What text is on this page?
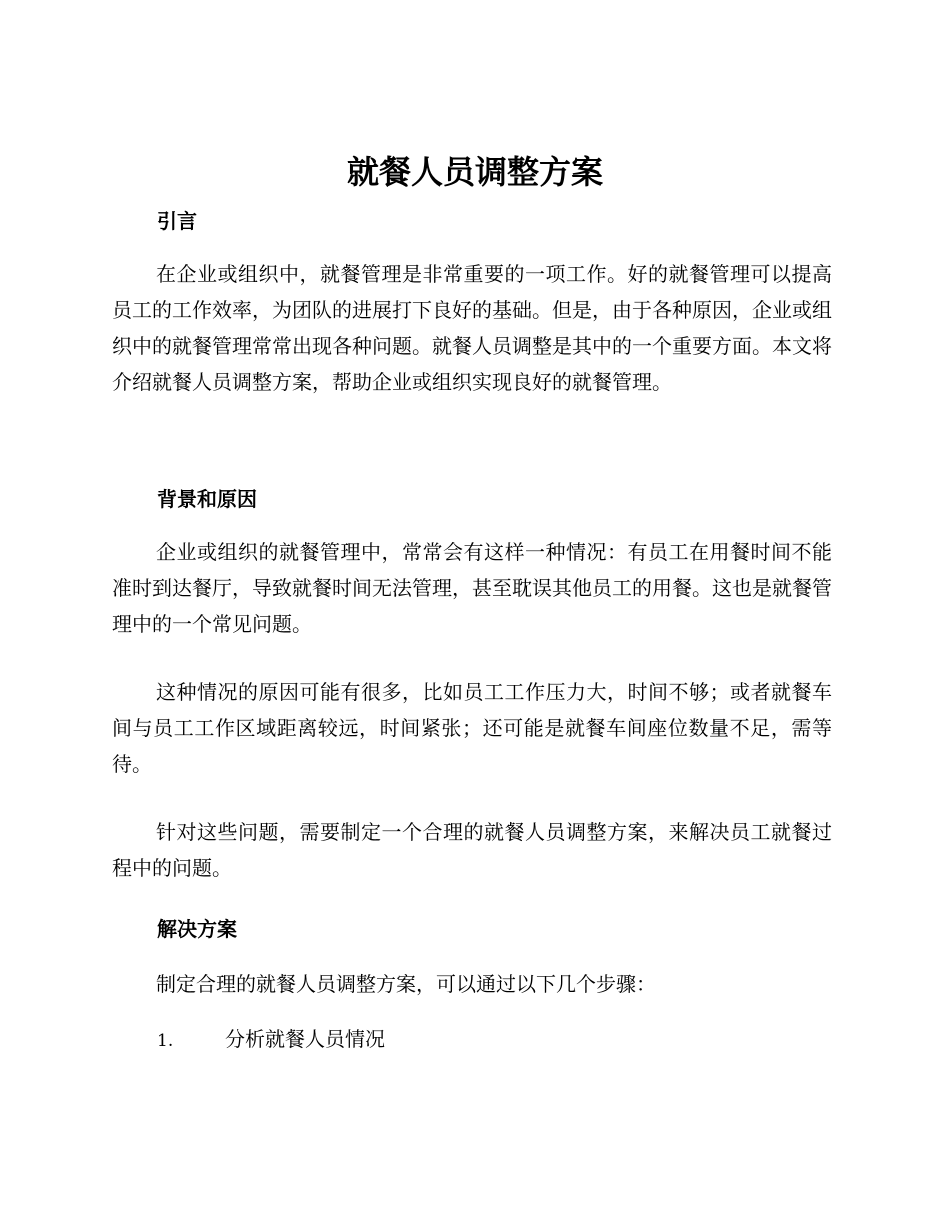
就餐人员调整方案
引言

在企业或组织中，就餐管理是非常重要的一项工作。好的就餐管理可以提高员工的工作效率，为团队的进展打下良好的基础。但是，由于各种原因，企业或组织中的就餐管理常常出现各种问题。就餐人员调整是其中的一个重要方面。本文将介绍就餐人员调整方案，帮助企业或组织实现良好的就餐管理。

背景和原因

企业或组织的就餐管理中，常常会有这样一种情况：有员工在用餐时间不能准时到达餐厅，导致就餐时间无法管理，甚至耽误其他员工的用餐。这也是就餐管理中的一个常见问题。

这种情况的原因可能有很多，比如员工工作压力大，时间不够；或者就餐车间与员工工作区域距离较远，时间紧张；还可能是就餐车间座位数量不足，需等待。

针对这些问题，需要制定一个合理的就餐人员调整方案，来解决员工就餐过程中的问题。

解决方案

制定合理的就餐人员调整方案，可以通过以下几个步骤：

1.	分析就餐人员情况
